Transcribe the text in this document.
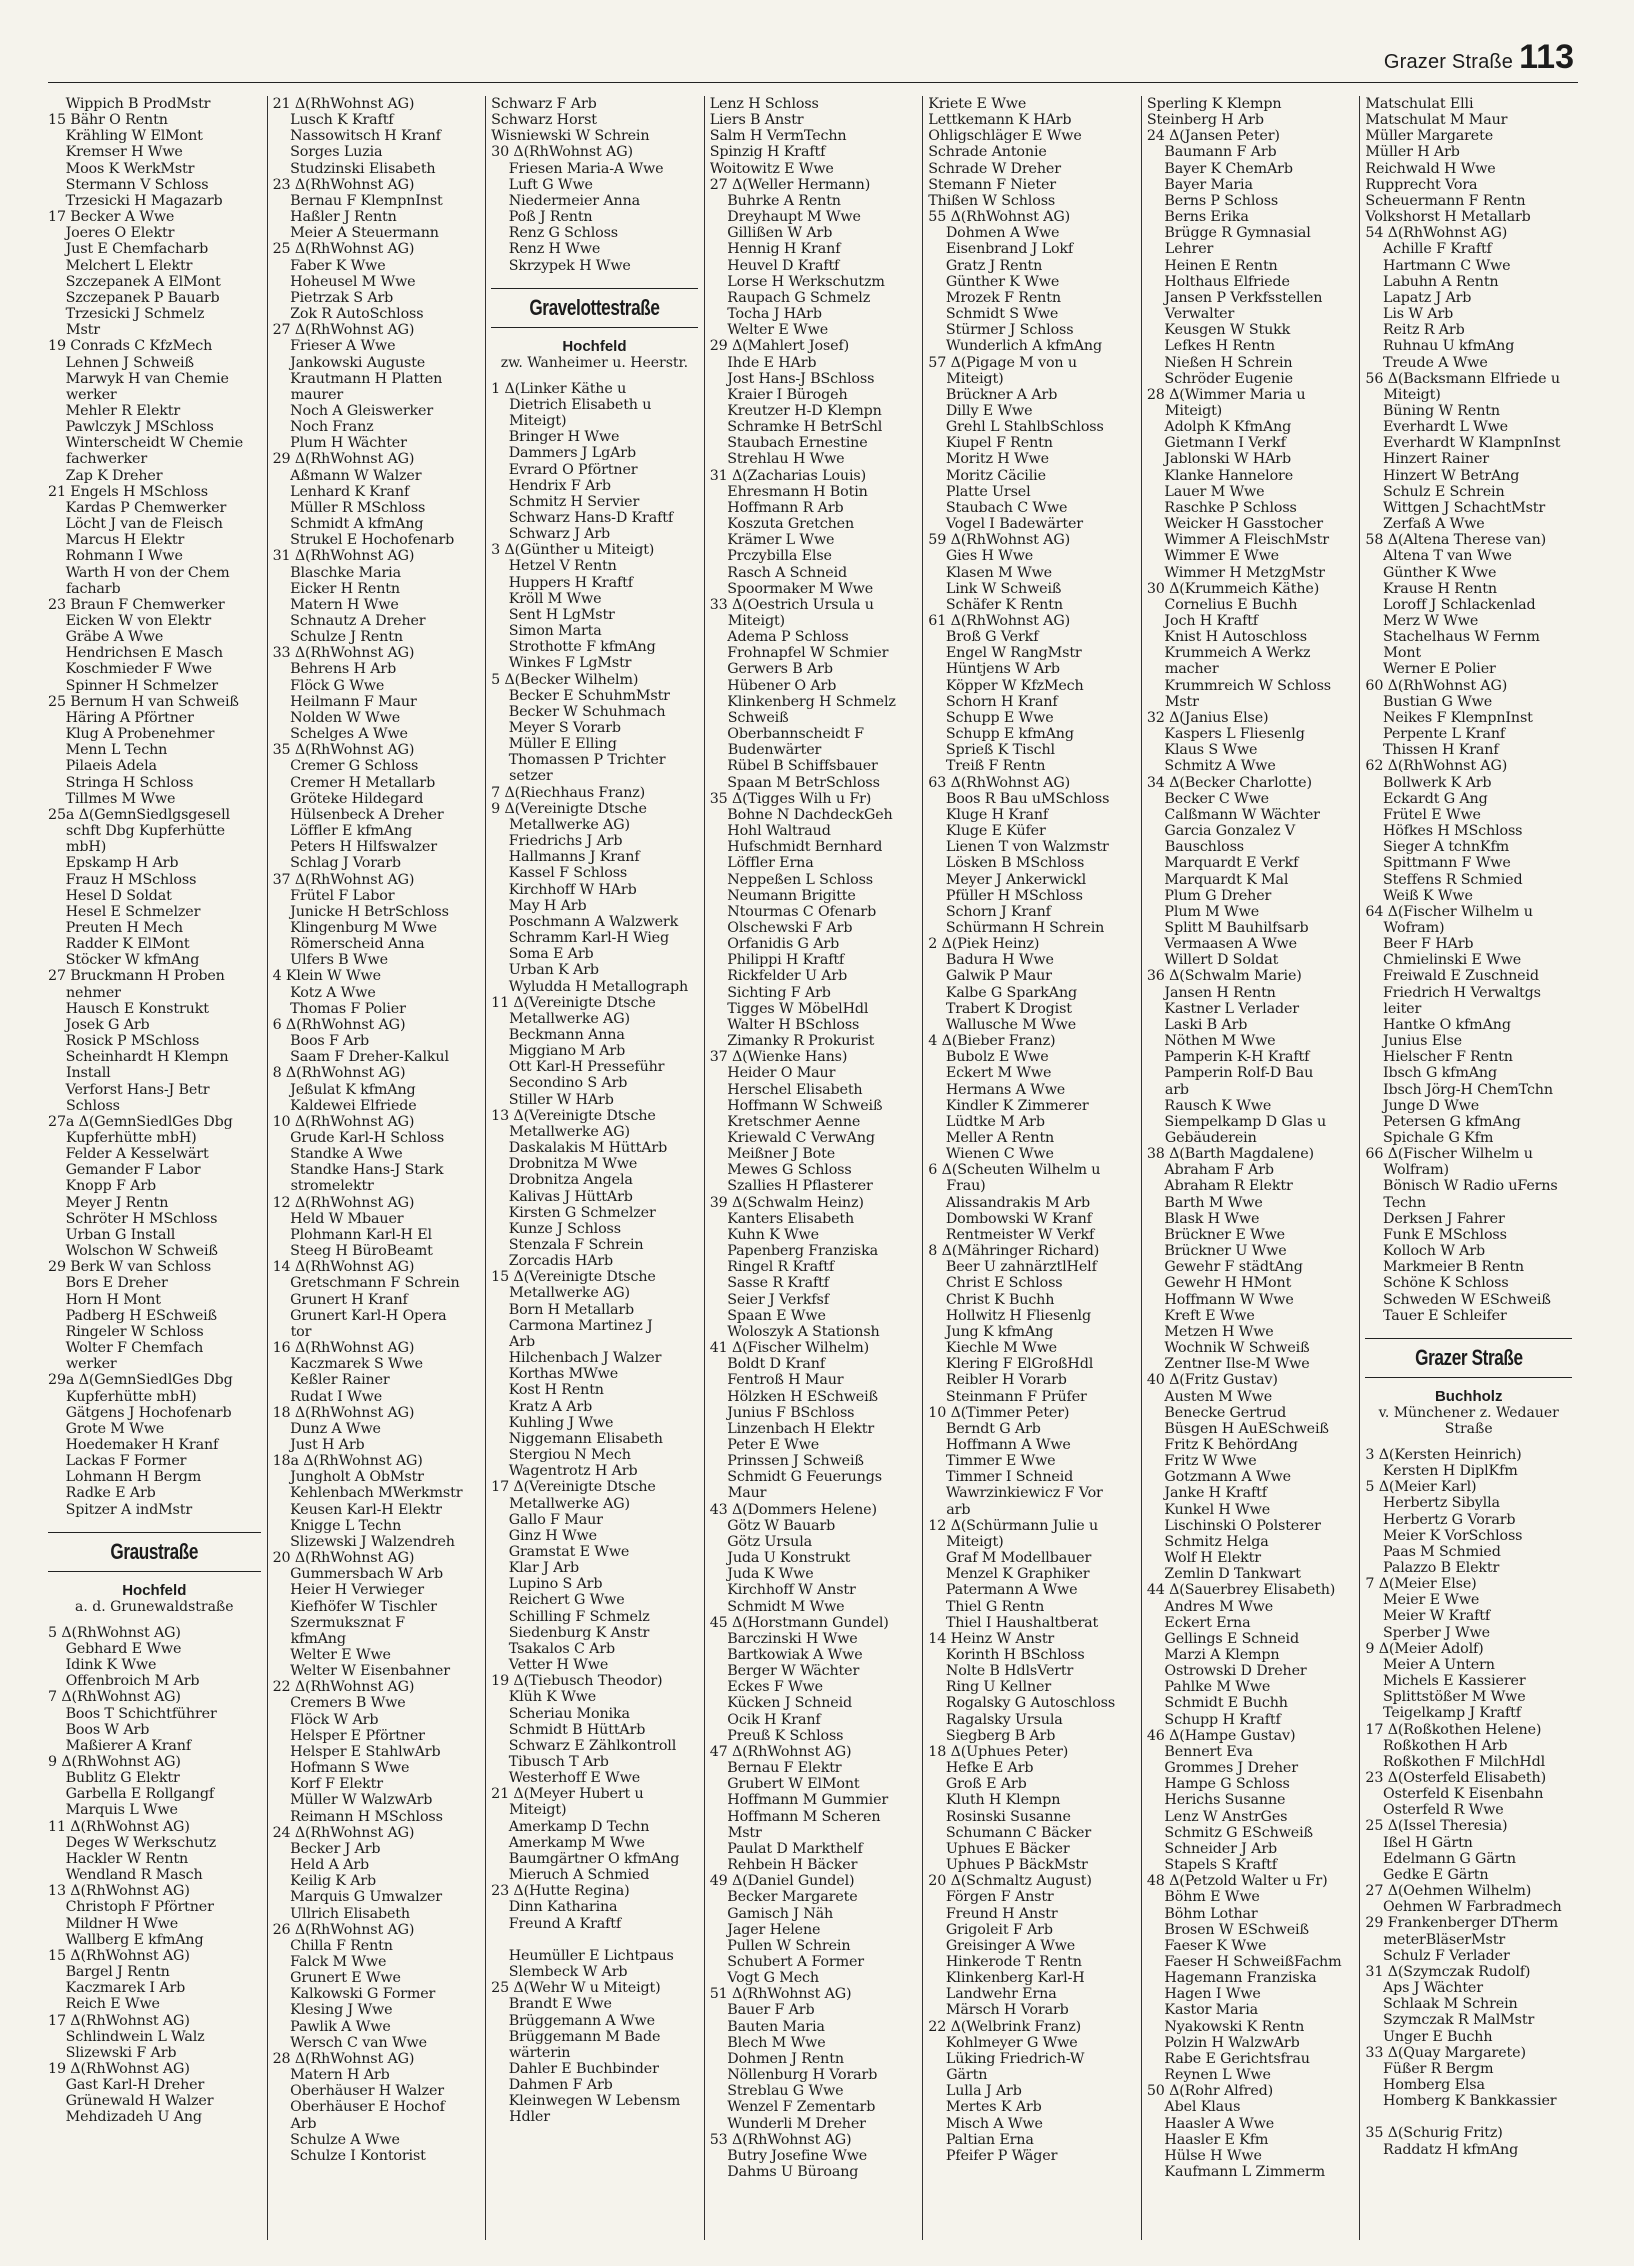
Grazer Straße 113
Wippich B ProdMstr
15 Bähr O Rentn
Krähling W ElMont
Kremser H Wwe
Moos K WerkMstr
Stermann V Schloss
Trzesicki H Magazarb
17 Becker A Wwe
Joeres O Elektr
Just E Chemfacharb
Melchert L Elektr
Szczepanek A ElMont
Szczepanek P Bauarb
Trzesicki J Schmelz
Mstr
19 Conrads C KfzMech
Lehnen J Schweiß
Marwyk H van Chemie
werker
Mehler R Elektr
Pawlczyk J MSchloss
Winterscheidt W Chemie
fachwerker
Zap K Dreher
21 Engels H MSchloss
Kardas P Chemwerker
Löcht J van de Fleisch
Marcus H Elektr
Rohmann I Wwe
Warth H von der Chem
facharb
23 Braun F Chemwerker
Eicken W von Elektr
Gräbe A Wwe
Hendrichsen E Masch
Koschmieder F Wwe
Spinner H Schmelzer
25 Bernum H van Schweiß
Häring A Pförtner
Klug A Probenehmer
Menn L Techn
Pilaeis Adela
Stringa H Schloss
Tillmes M Wwe
25a Δ(GemnSiedlgsgesell
schft Dbg Kupferhütte
mbH)
Epskamp H Arb
Frauz H MSchloss
Hesel D Soldat
Hesel E Schmelzer
Preuten H Mech
Radder K ElMont
Stöcker W kfmAng
27 Bruckmann H Proben
nehmer
Hausch E Konstrukt
Josek G Arb
Rosick P MSchloss
Scheinhardt H Klempn
Install
Verforst Hans-J Betr
Schloss
27a Δ(GemnSiedlGes Dbg
Kupferhütte mbH)
Felder A Kesselwärt
Gemander F Labor
Knopp F Arb
Meyer J Rentn
Schröter H MSchloss
Urban G Install
Wolschon W Schweiß
29 Berk W van Schloss
Bors E Dreher
Horn H Mont
Padberg H ESchweiß
Ringeler W Schloss
Wolter F Chemfach
werker
29a Δ(GemnSiedlGes Dbg
Kupferhütte mbH)
Gätgens J Hochofenarb
Grote M Wwe
Hoedemaker H Kranf
Lackas F Former
Lohmann H Bergm
Radke E Arb
Spitzer A indMstr
Graustraße
Hochfeld
a. d. Grunewaldstraße
5 Δ(RhWohnst AG)
Gebhard E Wwe
Idink K Wwe
Offenbroich M Arb
7 Δ(RhWohnst AG)
Boos T Schichtführer
Boos W Arb
Maßierer A Kranf
9 Δ(RhWohnst AG)
Bublitz G Elektr
Garbella E Rollgangf
Marquis L Wwe
11 Δ(RhWohnst AG)
Deges W Werkschutz
Hackler W Rentn
Wendland R Masch
13 Δ(RhWohnst AG)
Christoph F Pförtner
Mildner H Wwe
Wallberg E kfmAng
15 Δ(RhWohnst AG)
Bargel J Rentn
Kaczmarek I Arb
Reich E Wwe
17 Δ(RhWohnst AG)
Schlindwein L Walz
Slizewski F Arb
19 Δ(RhWohnst AG)
Gast Karl-H Dreher
Grünewald H Walzer
Mehdizadeh U Ang
21 Δ(RhWohnst AG)
Lusch K Kraftf
Nassowitsch H Kranf
Sorges Luzia
Studzinski Elisabeth
23 Δ(RhWohnst AG)
Bernau F KlempnInst
Haßler J Rentn
Meier A Steuermann
25 Δ(RhWohnst AG)
Faber K Wwe
Hoheusel M Wwe
Pietrzak S Arb
Zok R AutoSchloss
27 Δ(RhWohnst AG)
Frieser A Wwe
Jankowski Auguste
Krautmann H Platten
maurer
Noch A Gleiswerker
Noch Franz
Plum H Wächter
29 Δ(RhWohnst AG)
Aßmann W Walzer
Lenhard K Kranf
Müller R MSchloss
Schmidt A kfmAng
Strukel E Hochofenarb
31 Δ(RhWohnst AG)
Blaschke Maria
Eicker H Rentn
Matern H Wwe
Schnautz A Dreher
Schulze J Rentn
33 Δ(RhWohnst AG)
Behrens H Arb
Flöck G Wwe
Heilmann F Maur
Nolden W Wwe
Schelges A Wwe
35 Δ(RhWohnst AG)
Cremer G Schloss
Cremer H Metallarb
Gröteke Hildegard
Hülsenbeck A Dreher
Löffler E kfmAng
Peters H Hilfswalzer
Schlag J Vorarb
37 Δ(RhWohnst AG)
Frütel F Labor
Junicke H BetrSchloss
Klingenburg M Wwe
Römerscheid Anna
Ulfers B Wwe
4 Klein W Wwe
Kotz A Wwe
Thomas F Polier
6 Δ(RhWohnst AG)
Boos F Arb
Saam F Dreher-Kalkul
8 Δ(RhWohnst AG)
Jeßulat K kfmAng
Kaldewei Elfriede
10 Δ(RhWohnst AG)
Grude Karl-H Schloss
Standke A Wwe
Standke Hans-J Stark
stromelektr
12 Δ(RhWohnst AG)
Held W Mbauer
Plohmann Karl-H El
Steeg H BüroBeamt
14 Δ(RhWohnst AG)
Gretschmann F Schrein
Grunert H Kranf
Grunert Karl-H Opera
tor
16 Δ(RhWohnst AG)
Kaczmarek S Wwe
Keßler Rainer
Rudat I Wwe
18 Δ(RhWohnst AG)
Dunz A Wwe
Just H Arb
18a Δ(RhWohnst AG)
Jungholt A ObMstr
Kehlenbach MWerkmstr
Keusen Karl-H Elektr
Knigge L Techn
Slizewski J Walzendreh
20 Δ(RhWohnst AG)
Gummersbach W Arb
Heier H Verwieger
Kiefhöfer W Tischler
Szermuksznat F
kfmAng
Welter E Wwe
Welter W Eisenbahner
22 Δ(RhWohnst AG)
Cremers B Wwe
Flöck W Arb
Helsper E Pförtner
Helsper E StahlwArb
Hofmann S Wwe
Korf F Elektr
Müller W WalzwArb
Reimann H MSchloss
24 Δ(RhWohnst AG)
Becker J Arb
Held A Arb
Keilig K Arb
Marquis G Umwalzer
Ullrich Elisabeth
26 Δ(RhWohnst AG)
Chilla F Rentn
Falck M Wwe
Grunert E Wwe
Kalkowski G Former
Klesing J Wwe
Pawlik A Wwe
Wersch C van Wwe
28 Δ(RhWohnst AG)
Matern H Arb
Oberhäuser H Walzer
Oberhäuser E Hochof
Arb
Schulze A Wwe
Schulze I Kontorist
Schwarz F Arb
Schwarz Horst
Wisniewski W Schrein
30 Δ(RhWohnst AG)
Friesen Maria-A Wwe
Luft G Wwe
Niedermeier Anna
Poß J Rentn
Renz G Schloss
Renz H Wwe
Skrzypek H Wwe
Gravelottestraße
Hochfeld
zw. Wanheimer u. Heerstr.
1 Δ(Linker Käthe u
Dietrich Elisabeth u
Miteigt)
Bringer H Wwe
Dammers J LgArb
Evrard O Pförtner
Hendrix F Arb
Schmitz H Servier
Schwarz Hans-D Kraftf
Schwarz J Arb
3 Δ(Günther u Miteigt)
Hetzel V Rentn
Huppers H Kraftf
Kröll M Wwe
Sent H LgMstr
Simon Marta
Strothotte F kfmAng
Winkes F LgMstr
5 Δ(Becker Wilhelm)
Becker E SchuhmMstr
Becker W Schuhmach
Meyer S Vorarb
Müller E Elling
Thomassen P Trichter
setzer
7 Δ(Riechhaus Franz)
9 Δ(Vereinigte Dtsche
Metallwerke AG)
Friedrichs J Arb
Hallmanns J Kranf
Kassel F Schloss
Kirchhoff W HArb
May H Arb
Poschmann A Walzwerk
Schramm Karl-H Wieg
Soma E Arb
Urban K Arb
Wyludda H Metallograph
11 Δ(Vereinigte Dtsche
Metallwerke AG)
Beckmann Anna
Miggiano M Arb
Ott Karl-H Presseführ
Secondino S Arb
Stiller W HArb
13 Δ(Vereinigte Dtsche
Metallwerke AG)
Daskalakis M HüttArb
Drobnitza M Wwe
Drobnitza Angela
Kalivas J HüttArb
Kirsten G Schmelzer
Kunze J Schloss
Stenzala F Schrein
Zorcadis HArb
15 Δ(Vereinigte Dtsche
Metallwerke AG)
Born H Metallarb
Carmona Martinez J
Arb
Hilchenbach J Walzer
Korthas MWwe
Kost H Rentn
Kratz A Arb
Kuhling J Wwe
Niggemann Elisabeth
Stergiou N Mech
Wagentrotz H Arb
17 Δ(Vereinigte Dtsche
Metallwerke AG)
Gallo F Maur
Ginz H Wwe
Gramstat E Wwe
Klar J Arb
Lupino S Arb
Reichert G Wwe
Schilling F Schmelz
Siedenburg K Anstr
Tsakalos C Arb
Vetter H Wwe
19 Δ(Tiebusch Theodor)
Klüh K Wwe
Scheriau Monika
Schmidt B HüttArb
Schwarz E Zählkontroll
Tibusch T Arb
Westerhoff E Wwe
21 Δ(Meyer Hubert u
Miteigt)
Amerkamp D Techn
Amerkamp M Wwe
Baumgärtner O kfmAng
Mieruch A Schmied
23 Δ(Hutte Regina)
Dinn Katharina
Freund A Kraftf

Heumüller E Lichtpaus
Slembeck W Arb
25 Δ(Wehr W u Miteigt)
Brandt E Wwe
Brüggemann A Wwe
Brüggemann M Bade
wärterin
Dahler E Buchbinder
Dahmen F Arb
Kleinwegen W Lebensm
Hdler
Lenz H Schloss
Liers B Anstr
Salm H VermTechn
Spinzig H Kraftf
Woitowitz E Wwe
27 Δ(Weller Hermann)
Buhrke A Rentn
Dreyhaupt M Wwe
Gillißen W Arb
Hennig H Kranf
Heuvel D Kraftf
Lorse H Werkschutzm
Raupach G Schmelz
Tocha J HArb
Welter E Wwe
29 Δ(Mahlert Josef)
Ihde E HArb
Jost Hans-J BSchloss
Kraier I Bürogeh
Kreutzer H-D Klempn
Schramke H BetrSchl
Staubach Ernestine
Strehlau H Wwe
31 Δ(Zacharias Louis)
Ehresmann H Botin
Hoffmann R Arb
Koszuta Gretchen
Krämer L Wwe
Prczybilla Else
Rasch A Schneid
Spoormaker M Wwe
33 Δ(Oestrich Ursula u
Miteigt)
Adema P Schloss
Frohnapfel W Schmier
Gerwers B Arb
Hübener O Arb
Klinkenberg H Schmelz
Schweiß
Oberbannscheidt F
Budenwärter
Rübel B Schiffsbauer
Spaan M BetrSchloss
35 Δ(Tigges Wilh u Fr)
Bohne N DachdeckGeh
Hohl Waltraud
Hufschmidt Bernhard
Löffler Erna
Neppeßen L Schloss
Neumann Brigitte
Ntourmas C Ofenarb
Olschewski F Arb
Orfanidis G Arb
Philippi H Kraftf
Rickfelder U Arb
Sichting F Arb
Tigges W MöbelHdl
Walter H BSchloss
Zimanky R Prokurist
37 Δ(Wienke Hans)
Heider O Maur
Herschel Elisabeth
Hoffmann W Schweiß
Kretschmer Aenne
Kriewald C VerwAng
Meißner J Bote
Mewes G Schloss
Szallies H Pflasterer
39 Δ(Schwalm Heinz)
Kanters Elisabeth
Kuhn K Wwe
Papenberg Franziska
Ringel R Kraftf
Sasse R Kraftf
Seier J Verkfsf
Spaan E Wwe
Woloszyk A Stationsh
41 Δ(Fischer Wilhelm)
Boldt D Kranf
Fentroß H Maur
Hölzken H ESchweiß
Junius F BSchloss
Linzenbach H Elektr
Peter E Wwe
Prinssen J Schweiß
Schmidt G Feuerungs
Maur
43 Δ(Dommers Helene)
Götz W Bauarb
Götz Ursula
Juda U Konstrukt
Juda K Wwe
Kirchhoff W Anstr
Schmidt M Wwe
45 Δ(Horstmann Gundel)
Barczinski H Wwe
Bartkowiak A Wwe
Berger W Wächter
Eckes F Wwe
Kücken J Schneid
Ocik H Kranf
Preuß K Schloss
47 Δ(RhWohnst AG)
Bernau F Elektr
Grubert W ElMont
Hoffmann M Gummier
Hoffmann M Scheren
Mstr
Paulat D Markthelf
Rehbein H Bäcker
49 Δ(Daniel Gundel)
Becker Margarete
Gamisch J Näh
Jager Helene
Pullen W Schrein
Schubert A Former
Vogt G Mech
51 Δ(RhWohnst AG)
Bauer F Arb
Bauten Maria
Blech M Wwe
Dohmen J Rentn
Nöllenburg H Vorarb
Streblau G Wwe
Wenzel F Zementarb
Wunderli M Dreher
53 Δ(RhWohnst AG)
Butry Josefine Wwe
Dahms U Büroang
Kriete E Wwe
Lettkemann K HArb
Ohligschläger E Wwe
Schrade Antonie
Schrade W Dreher
Stemann F Nieter
Thißen W Schloss
55 Δ(RhWohnst AG)
Dohmen A Wwe
Eisenbrand J Lokf
Gratz J Rentn
Günther K Wwe
Mrozek F Rentn
Schmidt S Wwe
Stürmer J Schloss
Wunderlich A kfmAng
57 Δ(Pigage M von u
Miteigt)
Brückner A Arb
Dilly E Wwe
Grehl L StahlbSchloss
Kiupel F Rentn
Moritz H Wwe
Moritz Cäcilie
Platte Ursel
Staubach C Wwe
Vogel I Badewärter
59 Δ(RhWohnst AG)
Gies H Wwe
Klasen M Wwe
Link W Schweiß
Schäfer K Rentn
61 Δ(RhWohnst AG)
Broß G Verkf
Engel W RangMstr
Hüntjens W Arb
Köpper W KfzMech
Schorn H Kranf
Schupp E Wwe
Schupp E kfmAng
Sprieß K Tischl
Treiß F Rentn
63 Δ(RhWohnst AG)
Boos R Bau uMSchloss
Kluge H Kranf
Kluge E Küfer
Lienen T von Walzmstr
Lösken B MSchloss
Meyer J Ankerwickl
Pfüller H MSchloss
Schorn J Kranf
Schürmann H Schrein
2 Δ(Piek Heinz)
Badura H Wwe
Galwik P Maur
Kalbe G SparkAng
Trabert K Drogist
Wallusche M Wwe
4 Δ(Bieber Franz)
Bubolz E Wwe
Eckert M Wwe
Hermans A Wwe
Kindler K Zimmerer
Lüdtke M Arb
Meller A Rentn
Wienen C Wwe
6 Δ(Scheuten Wilhelm u
Frau)
Alissandrakis M Arb
Dombowski W Kranf
Rentmeister W Verkf
8 Δ(Mähringer Richard)
Beer U zahnärztlHelf
Christ E Schloss
Christ K Buchh
Hollwitz H Fliesenlg
Jung K kfmAng
Kiechle M Wwe
Klering F ElGroßHdl
Reibler H Vorarb
Steinmann F Prüfer
10 Δ(Timmer Peter)
Berndt G Arb
Hoffmann A Wwe
Timmer E Wwe
Timmer I Schneid
Wawrzinkiewicz F Vor
arb
12 Δ(Schürmann Julie u
Miteigt)
Graf M Modellbauer
Menzel K Graphiker
Patermann A Wwe
Thiel G Rentn
Thiel I Haushaltberat
14 Heinz W Anstr
Korinth H BSchloss
Nolte B HdlsVertr
Ring U Kellner
Rogalsky G Autoschloss
Ragalsky Ursula
Siegberg B Arb
18 Δ(Uphues Peter)
Hefke E Arb
Groß E Arb
Kluth H Klempn
Rosinski Susanne
Schumann C Bäcker
Uphues E Bäcker
Uphues P BäckMstr
20 Δ(Schmaltz August)
Förgen F Anstr
Freund H Anstr
Grigoleit F Arb
Greisinger A Wwe
Hinkerode T Rentn
Klinkenberg Karl-H
Landwehr Erna
Märsch H Vorarb
22 Δ(Welbrink Franz)
Kohlmeyer G Wwe
Lüking Friedrich-W
Gärtn
Lulla J Arb
Mertes K Arb
Misch A Wwe
Paltian Erna
Pfeifer P Wäger
Sperling K Klempn
Steinberg H Arb
24 Δ(Jansen Peter)
Baumann F Arb
Bayer K ChemArb
Bayer Maria
Berns P Schloss
Berns Erika
Brügge R Gymnasial
Lehrer
Heinen E Rentn
Holthaus Elfriede
Jansen P Verkfsstellen
Verwalter
Keusgen W Stukk
Lefkes H Rentn
Nießen H Schrein
Schröder Eugenie
28 Δ(Wimmer Maria u
Miteigt)
Adolph K KfmAng
Gietmann I Verkf
Jablonski W HArb
Klanke Hannelore
Lauer M Wwe
Raschke P Schloss
Weicker H Gasstocher
Wimmer A FleischMstr
Wimmer E Wwe
Wimmer H MetzgMstr
30 Δ(Krummeich Käthe)
Cornelius E Buchh
Joch H Kraftf
Knist H Autoschloss
Krummeich A Werkz
macher
Krummreich W Schloss
Mstr
32 Δ(Janius Else)
Kaspers L Fliesenlg
Klaus S Wwe
Schmitz A Wwe
34 Δ(Becker Charlotte)
Becker C Wwe
Calßmann W Wächter
Garcia Gonzalez V
Bauschloss
Marquardt E Verkf
Marquardt K Mal
Plum G Dreher
Plum M Wwe
Splitt M Bauhilfsarb
Vermaasen A Wwe
Willert D Soldat
36 Δ(Schwalm Marie)
Jansen H Rentn
Kastner L Verlader
Laski B Arb
Nöthen M Wwe
Pamperin K-H Kraftf
Pamperin Rolf-D Bau
arb
Rausch K Wwe
Siempelkamp D Glas u
Gebäuderein
38 Δ(Barth Magdalene)
Abraham F Arb
Abraham R Elektr
Barth M Wwe
Blask H Wwe
Brückner E Wwe
Brückner U Wwe
Gewehr F städtAng
Gewehr H HMont
Hoffmann W Wwe
Kreft E Wwe
Metzen H Wwe
Wochnik W Schweiß
Zentner Ilse-M Wwe
40 Δ(Fritz Gustav)
Austen M Wwe
Benecke Gertrud
Büsgen H AuESchweiß
Fritz K BehördAng
Fritz W Wwe
Gotzmann A Wwe
Janke H Kraftf
Kunkel H Wwe
Lischinski O Polsterer
Schmitz Helga
Wolf H Elektr
Zemlin D Tankwart
44 Δ(Sauerbrey Elisabeth)
Andres M Wwe
Eckert Erna
Gellings E Schneid
Marzi A Klempn
Ostrowski D Dreher
Pahlke M Wwe
Schmidt E Buchh
Schupp H Kraftf
46 Δ(Hampe Gustav)
Bennert Eva
Grommes J Dreher
Hampe G Schloss
Herichs Susanne
Lenz W AnstrGes
Schmitz G ESchweiß
Schneider J Arb
Stapels S Kraftf
48 Δ(Petzold Walter u Fr)
Böhm E Wwe
Böhm Lothar
Brosen W ESchweiß
Faeser K Wwe
Faeser H SchweißFachm
Hagemann Franziska
Hagen I Wwe
Kastor Maria
Nyakowski K Rentn
Polzin H WalzwArb
Rabe E Gerichtsfrau
Reynen L Wwe
50 Δ(Rohr Alfred)
Abel Klaus
Haasler A Wwe
Haasler E Kfm
Hülse H Wwe
Kaufmann L Zimmerm
Matschulat Elli
Matschulat M Maur
Müller Margarete
Müller H Arb
Reichwald H Wwe
Rupprecht Vora
Scheuermann F Rentn
Volkshorst H Metallarb
54 Δ(RhWohnst AG)
Achille F Kraftf
Hartmann C Wwe
Labuhn A Rentn
Lapatz J Arb
Lis W Arb
Reitz R Arb
Ruhnau U kfmAng
Treude A Wwe
56 Δ(Backsmann Elfriede u
Miteigt)
Büning W Rentn
Everhardt L Wwe
Everhardt W KlampnInst
Hinzert Rainer
Hinzert W BetrAng
Schulz E Schrein
Wittgen J SchachtMstr
Zerfaß A Wwe
58 Δ(Altena Therese van)
Altena T van Wwe
Günther K Wwe
Krause H Rentn
Loroff J Schlackenlad
Merz W Wwe
Stachelhaus W Fernm
Mont
Werner E Polier
60 Δ(RhWohnst AG)
Bustian G Wwe
Neikes F KlempnInst
Perpente L Kranf
Thissen H Kranf
62 Δ(RhWohnst AG)
Bollwerk K Arb
Eckardt G Ang
Frütel E Wwe
Höfkes H MSchloss
Sieger A tchnKfm
Spittmann F Wwe
Steffens R Schmied
Weiß K Wwe
64 Δ(Fischer Wilhelm u
Wofram)
Beer F HArb
Chmielinski E Wwe
Freiwald E Zuschneid
Friedrich H Verwaltgs
leiter
Hantke O kfmAng
Junius Else
Hielscher F Rentn
Ibsch G kfmAng
Ibsch Jörg-H ChemTchn
Junge D Wwe
Petersen G kfmAng
Spichale G Kfm
66 Δ(Fischer Wilhelm u
Wolfram)
Bönisch W Radio uFerns
Techn
Derksen J Fahrer
Funk E MSchloss
Kolloch W Arb
Markmeier B Rentn
Schöne K Schloss
Schweden W ESchweiß
Tauer E Schleifer
Grazer Straße
Buchholz
v. Münchener z. Wedauer Straße
3 Δ(Kersten Heinrich)
Kersten H DiplKfm
5 Δ(Meier Karl)
Herbertz Sibylla
Herbertz G Vorarb
Meier K VorSchloss
Paas M Schmied
Palazzo B Elektr
7 Δ(Meier Else)
Meier E Wwe
Meier W Kraftf
Sperber J Wwe
9 Δ(Meier Adolf)
Meier A Untern
Michels E Kassierer
Splittstößer M Wwe
Teigelkamp J Kraftf
17 Δ(Roßkothen Helene)
Roßkothen H Arb
Roßkothen F MilchHdl
23 Δ(Osterfeld Elisabeth)
Osterfeld K Eisenbahn
Osterfeld R Wwe
25 Δ(Issel Theresia)
Ißel H Gärtn
Edelmann G Gärtn
Gedke E Gärtn
27 Δ(Oehmen Wilhelm)
Oehmen W Farbradmech
29 Frankenberger DTherm
meterBläserMstr
Schulz F Verlader
31 Δ(Szymczak Rudolf)
Aps J Wächter
Schlaak M Schrein
Szymczak R MalMstr
Unger E Buchh
33 Δ(Quay Margarete)
Füßer R Bergm
Homberg Elsa
Homberg K Bankkassier

35 Δ(Schurig Fritz)
Raddatz H kfmAng
